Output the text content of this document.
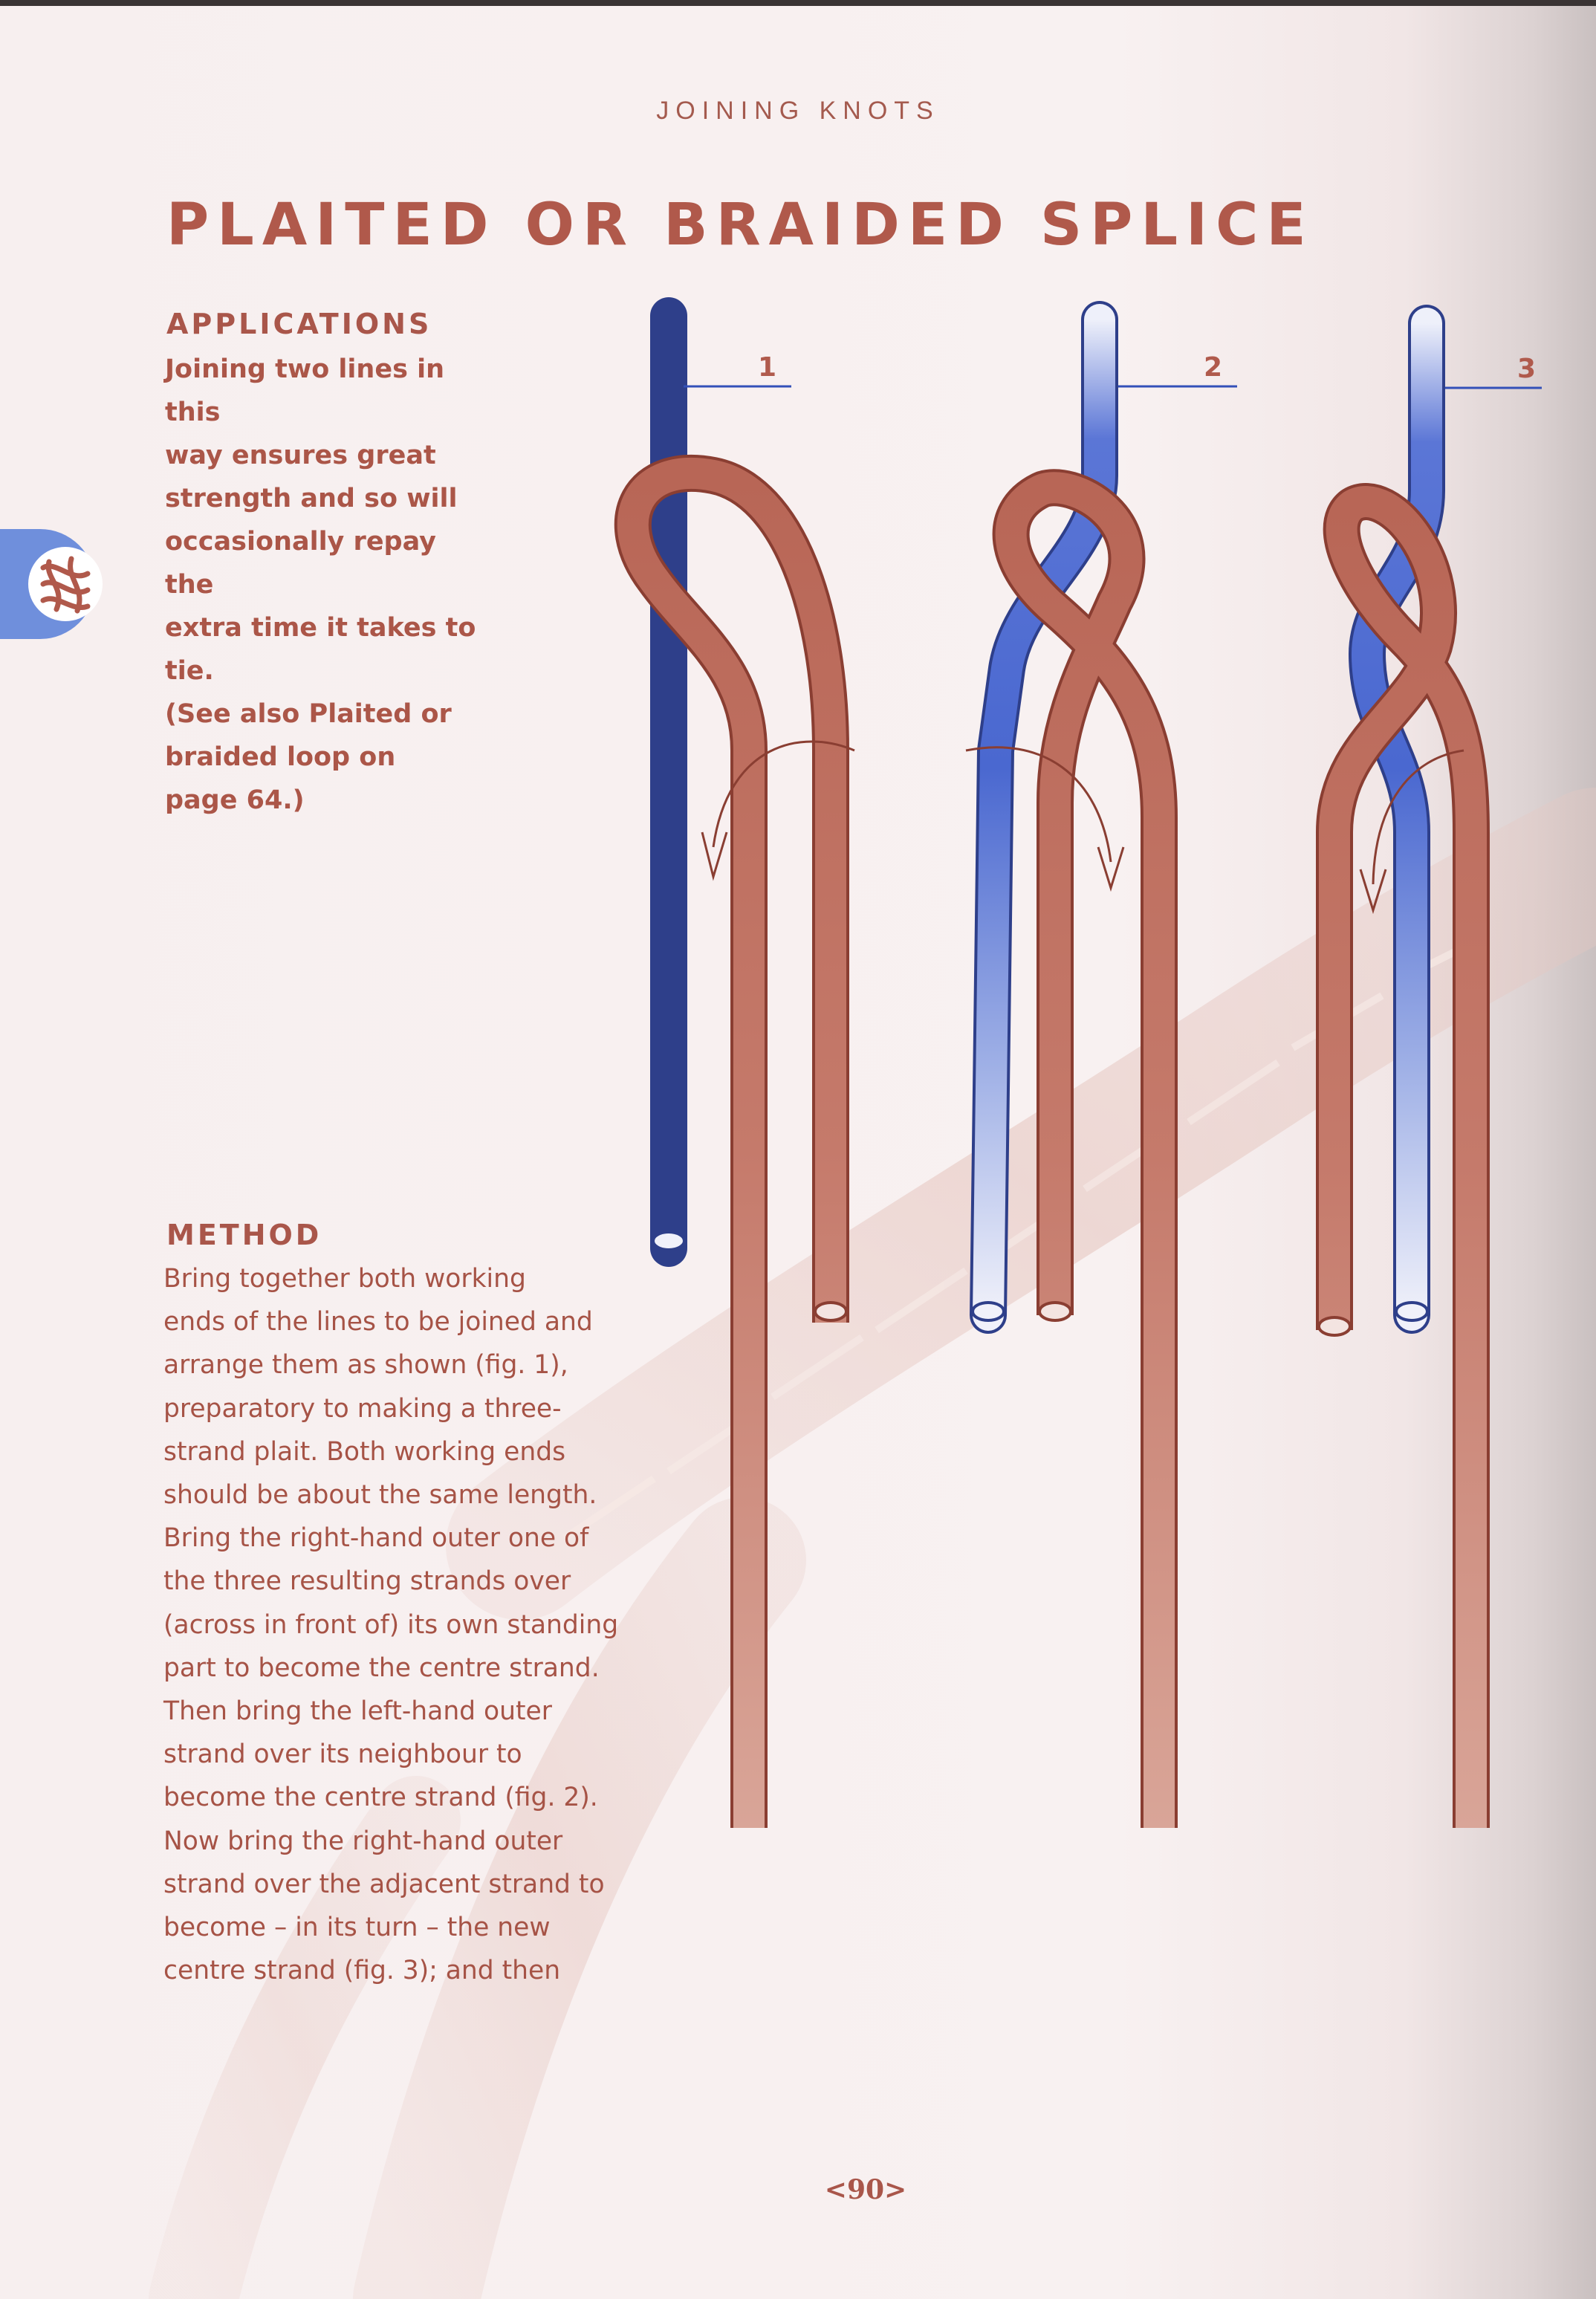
JOINING KNOTS
PLAITED OR BRAIDED SPLICE
APPLICATIONS

Joining two lines in this
way ensures great
strength and so will
occasionally repay the
extra time it takes to tie.
(See also Plaited or
braided loop on
page 64.)

METHOD

Bring together both working
ends of the lines to be joined and
arrange them as shown (fig. 1),
preparatory to making a three-
strand plait. Both working ends
should be about the same length.
Bring the right-hand outer one of
the three resulting strands over
(across in front of) its own standing
part to become the centre strand.
Then bring the left-hand outer
strand over its neighbour to
become the centre strand (fig. 2).
Now bring the right-hand outer
strand over the adjacent strand to
become – in its turn – the new
centre strand (fig. 3); and then

1	2	3
<90>
